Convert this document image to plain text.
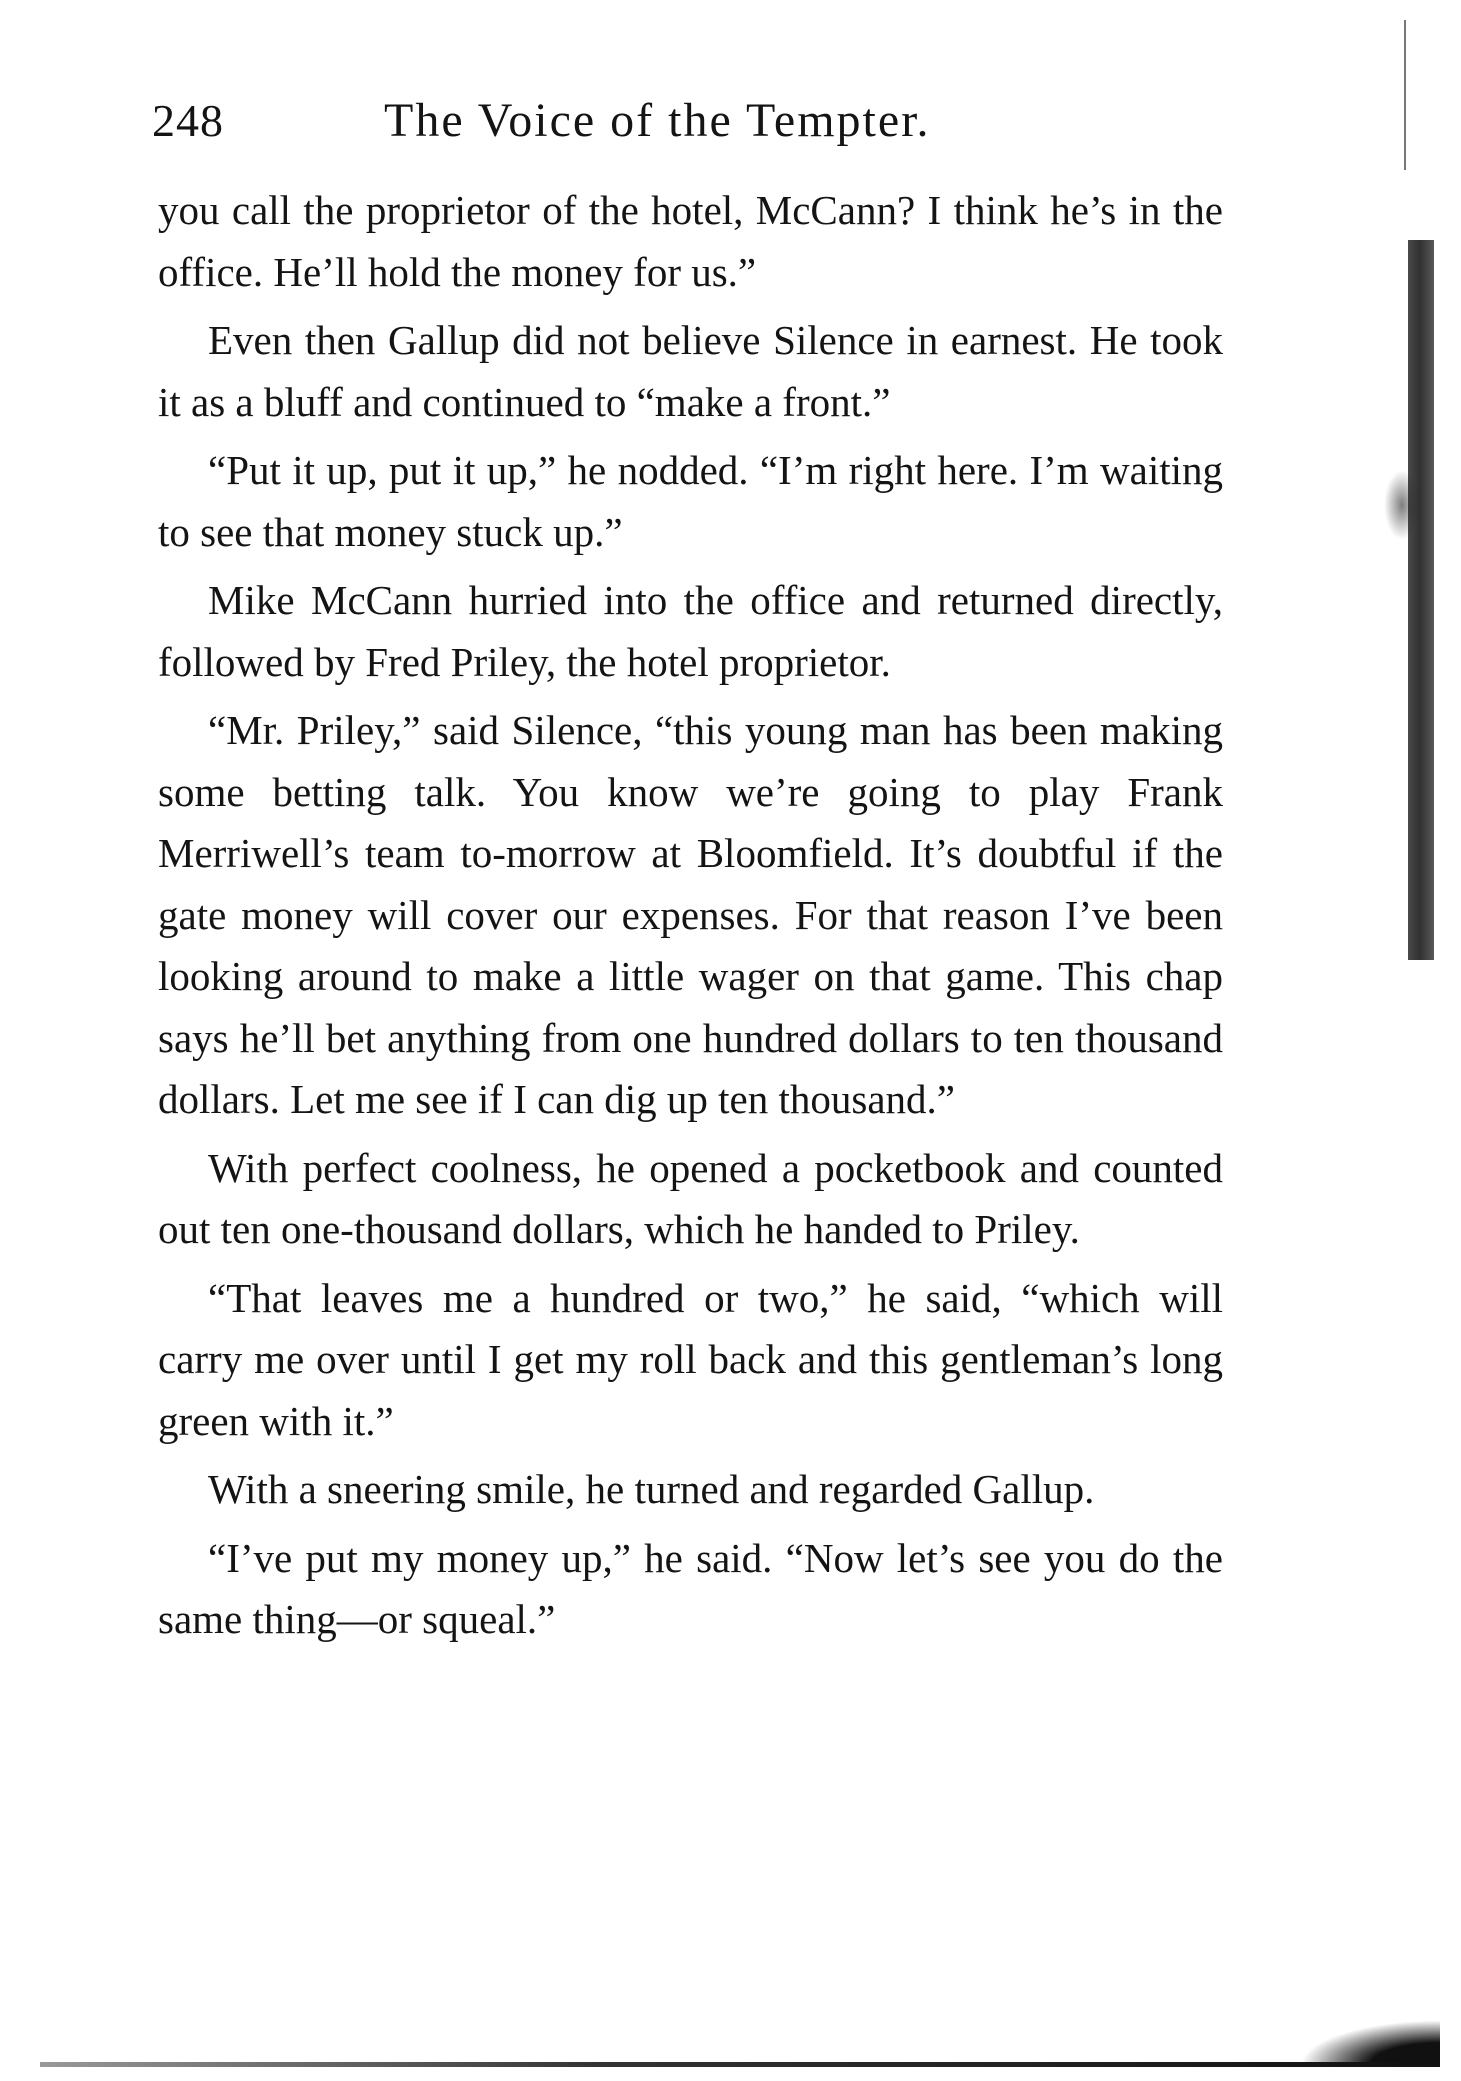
248	The Voice of the Tempter.

you call the proprietor of the hotel, McCann? I think he’s in the office. He’ll hold the money for us.”

Even then Gallup did not believe Silence in earnest. He took it as a bluff and continued to “make a front.”

“Put it up, put it up,” he nodded. “I’m right here. I’m waiting to see that money stuck up.”

Mike McCann hurried into the office and returned directly, followed by Fred Priley, the hotel proprietor.

“Mr. Priley,” said Silence, “this young man has been making some betting talk. You know we’re going to play Frank Merriwell’s team to-morrow at Bloomfield. It’s doubtful if the gate money will cover our expenses. For that reason I’ve been looking around to make a little wager on that game. This chap says he’ll bet anything from one hundred dollars to ten thousand dollars. Let me see if I can dig up ten thousand.”

With perfect coolness, he opened a pocketbook and counted out ten one-thousand dollars, which he handed to Priley.

“That leaves me a hundred or two,” he said, “which will carry me over until I get my roll back and this gentleman’s long green with it.”

With a sneering smile, he turned and regarded Gallup.

“I’ve put my money up,” he said. “Now let’s see you do the same thing—or squeal.”
